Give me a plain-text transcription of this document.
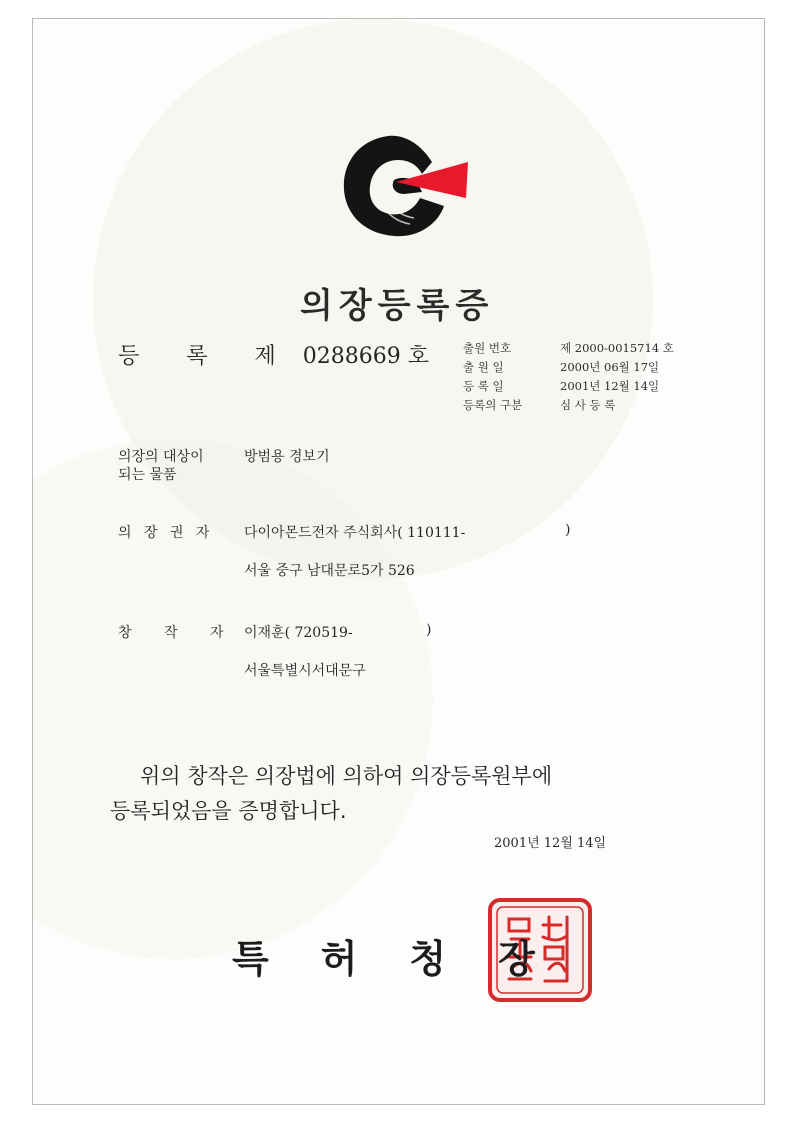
의장등록증
등 록 제 0288669 호	출원 번호	제 2000-0015714 호
출 원 일	2000년 06월 17일
등 록 일	2001년 12월 14일
등록의 구분	심 사 등 록
의장의 대상이
되는 물품
방범용 경보기
의 장 권 자 다이아몬드전자 주식회사( 110111-	)
서울 중구 남대문로5가 526
창 작 자 이재훈( 720519-	)
서울특별시서대문구
위의 창작은 의장법에 의하여 의장등록원부에
등록되었음을 증명합니다.
2001년 12월 14일
특허청장
